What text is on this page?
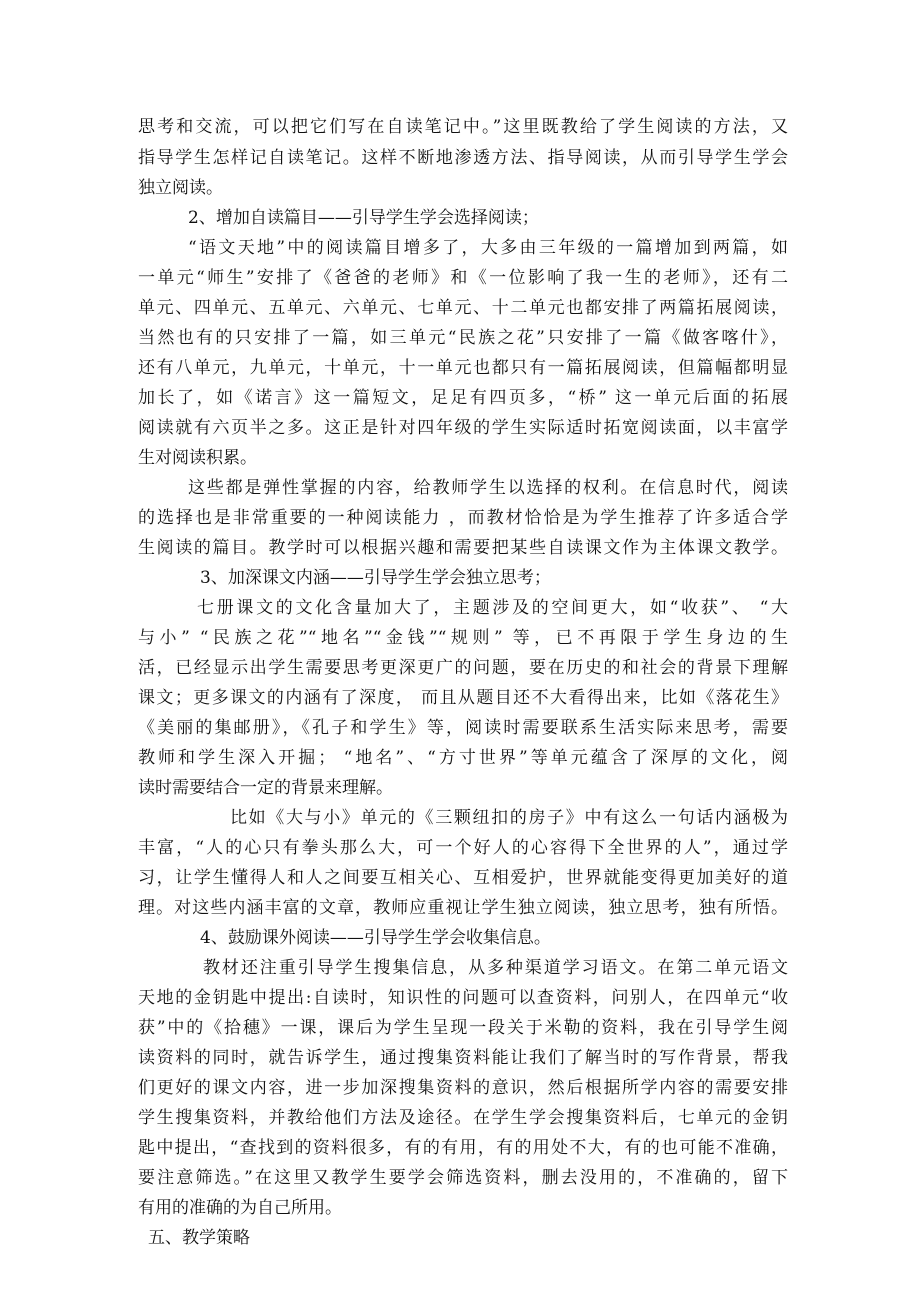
思考和交流，可以把它们写在自读笔记中。”这里既教给了学生阅读的方法，又
指导学生怎样记自读笔记。这样不断地渗透方法、指导阅读，从而引导学生学会
独立阅读。
2、增加自读篇目——引导学生学会选择阅读；
“语文天地”中的阅读篇目增多了，大多由三年级的一篇增加到两篇，如
一单元“师生”安排了《爸爸的老师》和《一位影响了我一生的老师》，还有二
单元、四单元、五单元、六单元、七单元、十二单元也都安排了两篇拓展阅读，
当然也有的只安排了一篇，如三单元“民族之花”只安排了一篇《做客喀什》，
还有八单元，九单元，十单元，十一单元也都只有一篇拓展阅读，但篇幅都明显
加长了，如《诺言》这一篇短文，足足有四页多，“桥” 这一单元后面的拓展
阅读就有六页半之多。这正是针对四年级的学生实际适时拓宽阅读面，以丰富学
生对阅读积累。
这些都是弹性掌握的内容，给教师学生以选择的权利。在信息时代，阅读
的选择也是非常重要的一种阅读能力 ，而教材恰恰是为学生推荐了许多适合学
生阅读的篇目。教学时可以根据兴趣和需要把某些自读课文作为主体课文教学。
3、加深课文内涵——引导学生学会独立思考；
七册课文的文化含量加大了，主题涉及的空间更大，如“收获”、 “大
与小” “民族之花”“地名”“金钱”“规则” 等，已不再限于学生身边的生
活，已经显示出学生需要思考更深更广的问题，要在历史的和社会的背景下理解
课文；更多课文的内涵有了深度， 而且从题目还不大看得出来，比如《落花生》
《美丽的集邮册》，《孔子和学生》等，阅读时需要联系生活实际来思考，需要
教师和学生深入开掘； “地名”、“方寸世界”等单元蕴含了深厚的文化，阅
读时需要结合一定的背景来理解。
比如《大与小》单元的《三颗纽扣的房子》中有这么一句话内涵极为
丰富，“人的心只有拳头那么大，可一个好人的心容得下全世界的人”，通过学
习，让学生懂得人和人之间要互相关心、互相爱护，世界就能变得更加美好的道
理。对这些内涵丰富的文章，教师应重视让学生独立阅读，独立思考，独有所悟。
4、鼓励课外阅读——引导学生学会收集信息。
教材还注重引导学生搜集信息，从多种渠道学习语文。在第二单元语文
天地的金钥匙中提出:自读时，知识性的问题可以查资料，问别人，在四单元“收
获”中的《拾穗》一课，课后为学生呈现一段关于米勒的资料，我在引导学生阅
读资料的同时，就告诉学生，通过搜集资料能让我们了解当时的写作背景，帮我
们更好的课文内容，进一步加深搜集资料的意识，然后根据所学内容的需要安排
学生搜集资料，并教给他们方法及途径。在学生学会搜集资料后，七单元的金钥
匙中提出，“查找到的资料很多，有的有用，有的用处不大，有的也可能不准确，
要注意筛选。”在这里又教学生要学会筛选资料，删去没用的，不准确的，留下
有用的准确的为自己所用。
五、教学策略
